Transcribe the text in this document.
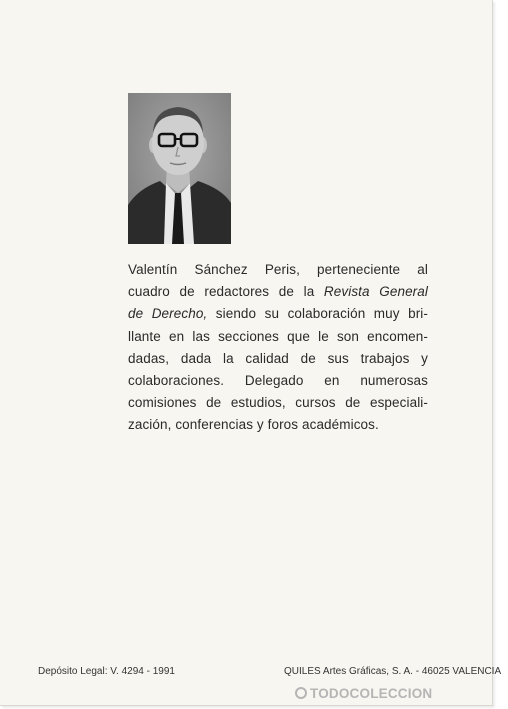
Valentín Sánchez Peris, perteneciente al
cuadro de redactores de la Revista General
de Derecho, siendo su colaboración muy bri-
llante en las secciones que le son encomen-
dadas, dada la calidad de sus trabajos y
colaboraciones. Delegado en numerosas
comisiones de estudios, cursos de especiali-
zación, conferencias y foros académicos.

Depósito Legal: V. 4294 - 1991	QUILES Artes Gráficas, S. A. - 46025 VALENCIA
TODOCOLECCION
